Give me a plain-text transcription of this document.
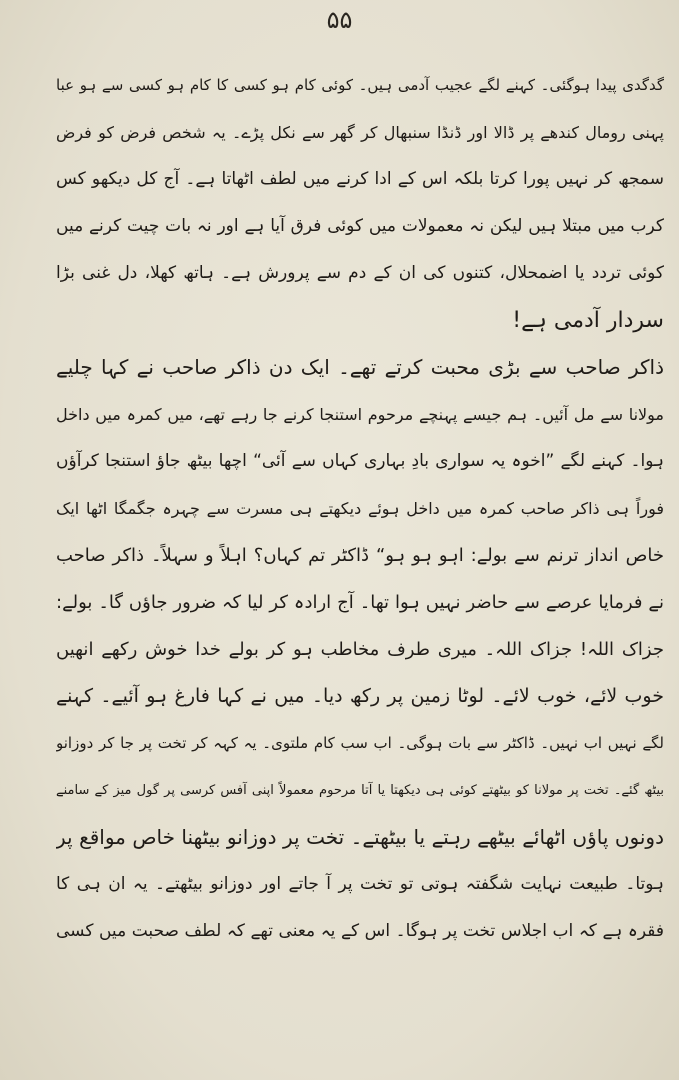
۵۵
گدگدی پیدا ہوگئی۔ کہنے لگے عجیب آدمی ہیں۔ کوئی کام ہو کسی کا کام ہو کسی سے ہو عبا
پہنی رومال کندھے پر ڈالا اور ڈنڈا سنبھال کر گھر سے نکل پڑے۔ یہ شخص فرض کو فرض
سمجھ کر نہیں پورا کرتا بلکہ اس کے ادا کرنے میں لطف اٹھاتا ہے۔ آج کل دیکھو کس
کرب میں مبتلا ہیں لیکن نہ معمولات میں کوئی فرق آیا ہے اور نہ بات چیت کرنے میں
کوئی تردد یا اضمحلال، کتنوں کی ان کے دم سے پرورش ہے۔ ہاتھ کھلا، دل غنی بڑا
سردار آدمی ہے!
ذاکر صاحب سے بڑی محبت کرتے تھے۔ ایک دن ذاکر صاحب نے کہا چلیے
مولانا سے مل آئیں۔ ہم جیسے پہنچے مرحوم استنجا کرنے جا رہے تھے، میں کمرہ میں داخل
ہوا۔ کہنے لگے ”اخوہ یہ سواری بادِ بہاری کہاں سے آئی“ اچھا بیٹھ جاؤ استنجا کرآؤں
فوراً ہی ذاکر صاحب کمرہ میں داخل ہوئے دیکھتے ہی مسرت سے چہرہ جگمگا اٹھا ایک
خاص انداز ترنم سے بولے: اہو ہو ہو“ ڈاکٹر تم کہاں؟ اہلاً و سہلاً۔ ذاکر صاحب
نے فرمایا عرصے سے حاضر نہیں ہوا تھا۔ آج ارادہ کر لیا کہ ضرور جاؤں گا۔ بولے:
جزاک اللہ! جزاک اللہ۔ میری طرف مخاطب ہو کر بولے خدا خوش رکھے انھیں
خوب لائے، خوب لائے۔ لوٹا زمین پر رکھ دیا۔ میں نے کہا فارغ ہو آئیے۔ کہنے
لگے نہیں اب نہیں۔ ڈاکٹر سے بات ہوگی۔ اب سب کام ملتوی۔ یہ کہہ کر تخت پر جا کر دوزانو
بیٹھ گئے۔ تخت پر مولانا کو بیٹھتے کوئی ہی دیکھتا یا آتا مرحوم معمولاً اپنی آفس کرسی پر گول میز کے سامنے
دونوں پاؤں اٹھائے بیٹھے رہتے یا بیٹھتے۔ تخت پر دوزانو بیٹھنا خاص مواقع پر
ہوتا۔ طبیعت نہایت شگفتہ ہوتی تو تخت پر آ جاتے اور دوزانو بیٹھتے۔ یہ ان ہی کا
فقرہ ہے کہ اب اجلاس تخت پر ہوگا۔ اس کے یہ معنی تھے کہ لطف صحبت میں کسی
